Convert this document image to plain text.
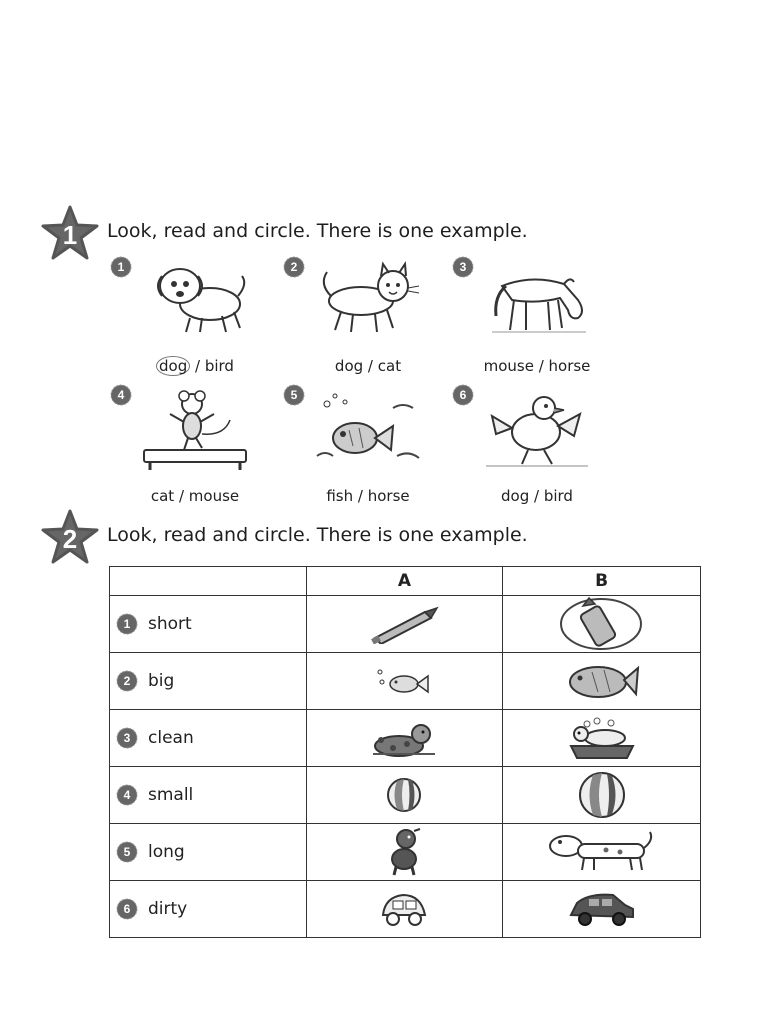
1	Look, read and circle. There is one example.
1
dog / bird
2
dog / cat
3
mouse / horse
4
cat / mouse
5
fish / horse
6
dog / bird
2	Look, read and circle. There is one example.
	A	B

1 short

2 big

3 clean

4 small

5 long

6 dirty
